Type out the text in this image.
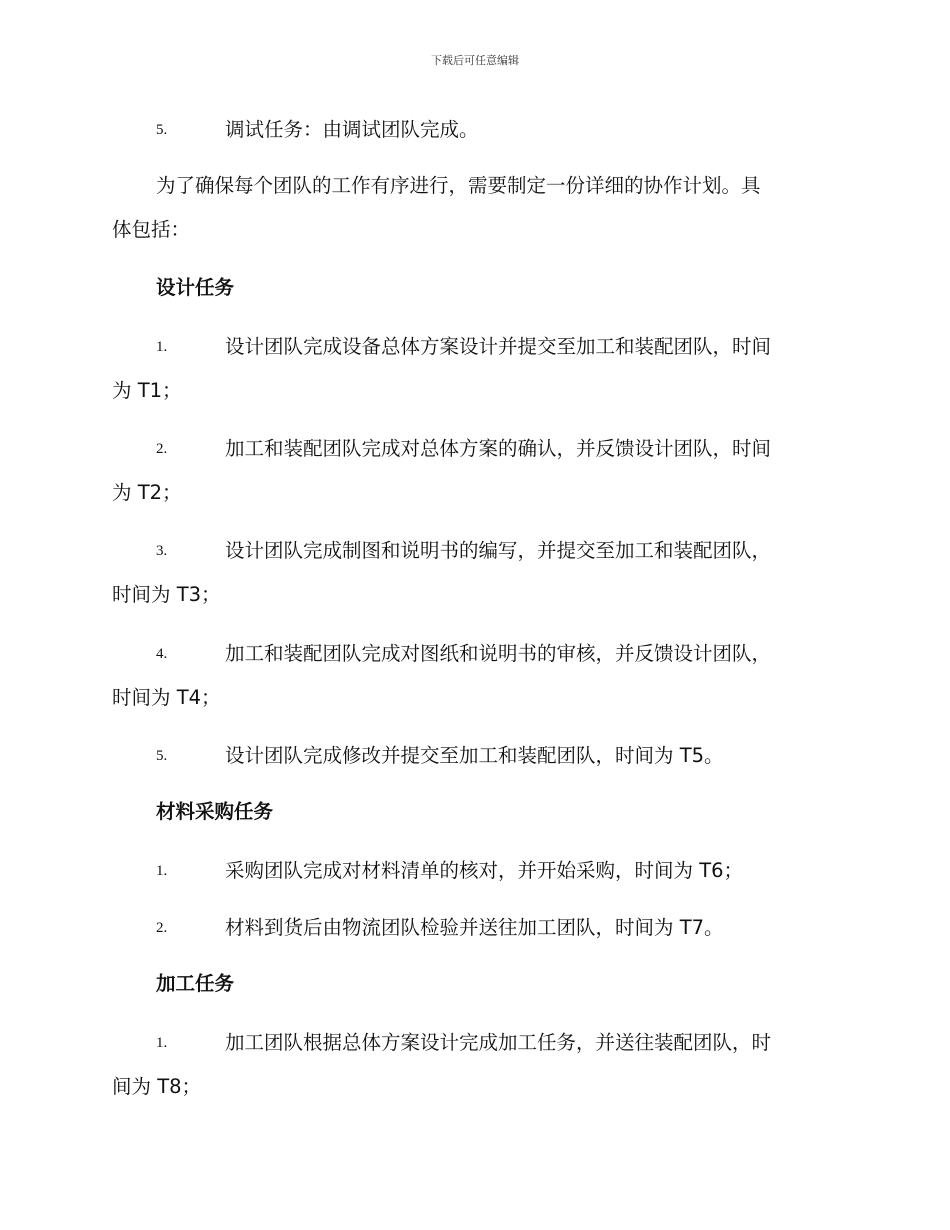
下载后可任意编辑
5.	调试任务：由调试团队完成。
为了确保每个团队的工作有序进行，需要制定一份详细的协作计划。具
体包括：
设计任务
1.	设计团队完成设备总体方案设计并提交至加工和装配团队，时间
为 T1；
2.	加工和装配团队完成对总体方案的确认，并反馈设计团队，时间
为 T2；
3.	设计团队完成制图和说明书的编写，并提交至加工和装配团队，
时间为 T3；
4.	加工和装配团队完成对图纸和说明书的审核，并反馈设计团队，
时间为 T4；
5.	设计团队完成修改并提交至加工和装配团队，时间为 T5。
材料采购任务
1.	采购团队完成对材料清单的核对，并开始采购，时间为 T6；
2.	材料到货后由物流团队检验并送往加工团队，时间为 T7。
加工任务
1.	加工团队根据总体方案设计完成加工任务，并送往装配团队，时
间为 T8；
